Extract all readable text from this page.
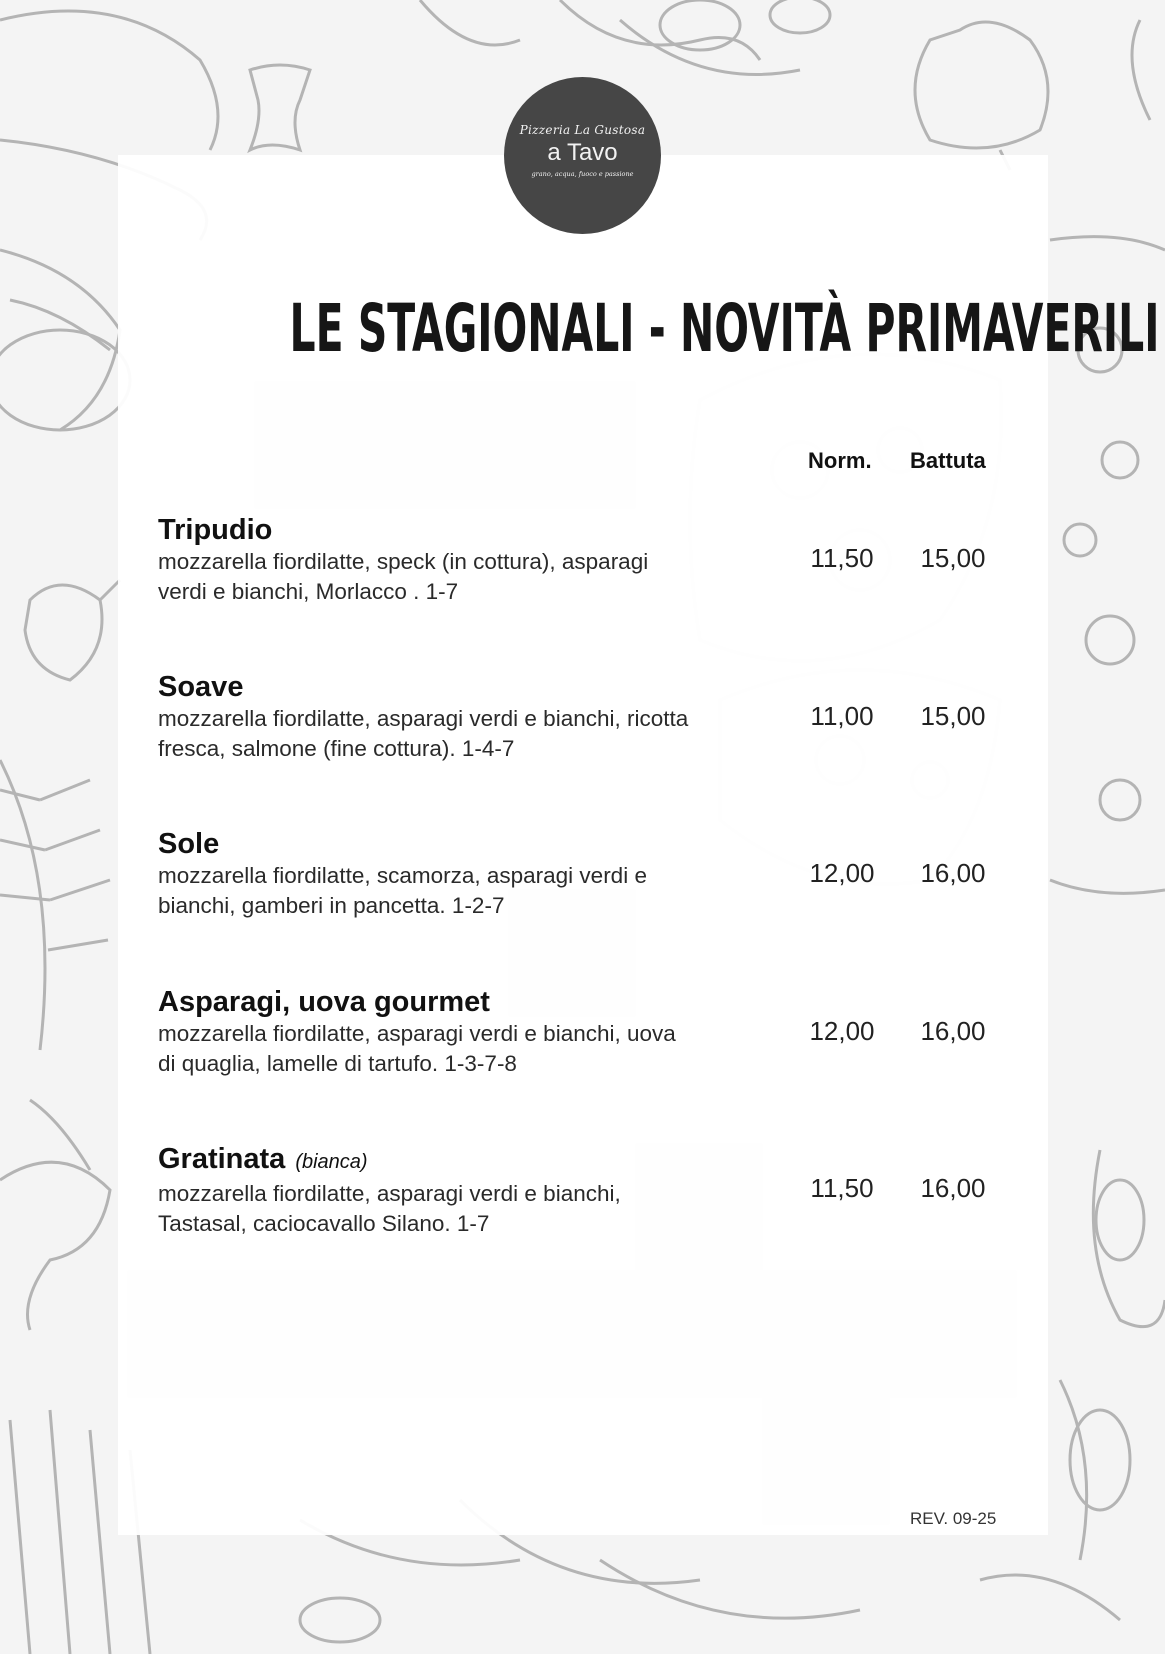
Pizzeria La Gustosa
a Tavo
grano, acqua, fuoco e passione
LE STAGIONALI - NOVITÀ PRIMAVERILI
Norm. Battuta
Tripudio
mozzarella fiordilatte, speck (in cottura), asparagi
verdi e bianchi, Morlacco . 1-7
11,50	15,00
Soave
mozzarella fiordilatte, asparagi verdi e bianchi, ricotta
fresca, salmone (fine cottura). 1-4-7
11,00	15,00
Sole
mozzarella fiordilatte, scamorza, asparagi verdi e
bianchi, gamberi in pancetta. 1-2-7
12,00	16,00
Asparagi, uova gourmet
mozzarella fiordilatte, asparagi verdi e bianchi, uova
di quaglia, lamelle di tartufo. 1-3-7-8
12,00	16,00
Gratinata (bianca)
mozzarella fiordilatte, asparagi verdi e bianchi,
Tastasal, caciocavallo Silano. 1-7
11,50	16,00
REV. 09-25
